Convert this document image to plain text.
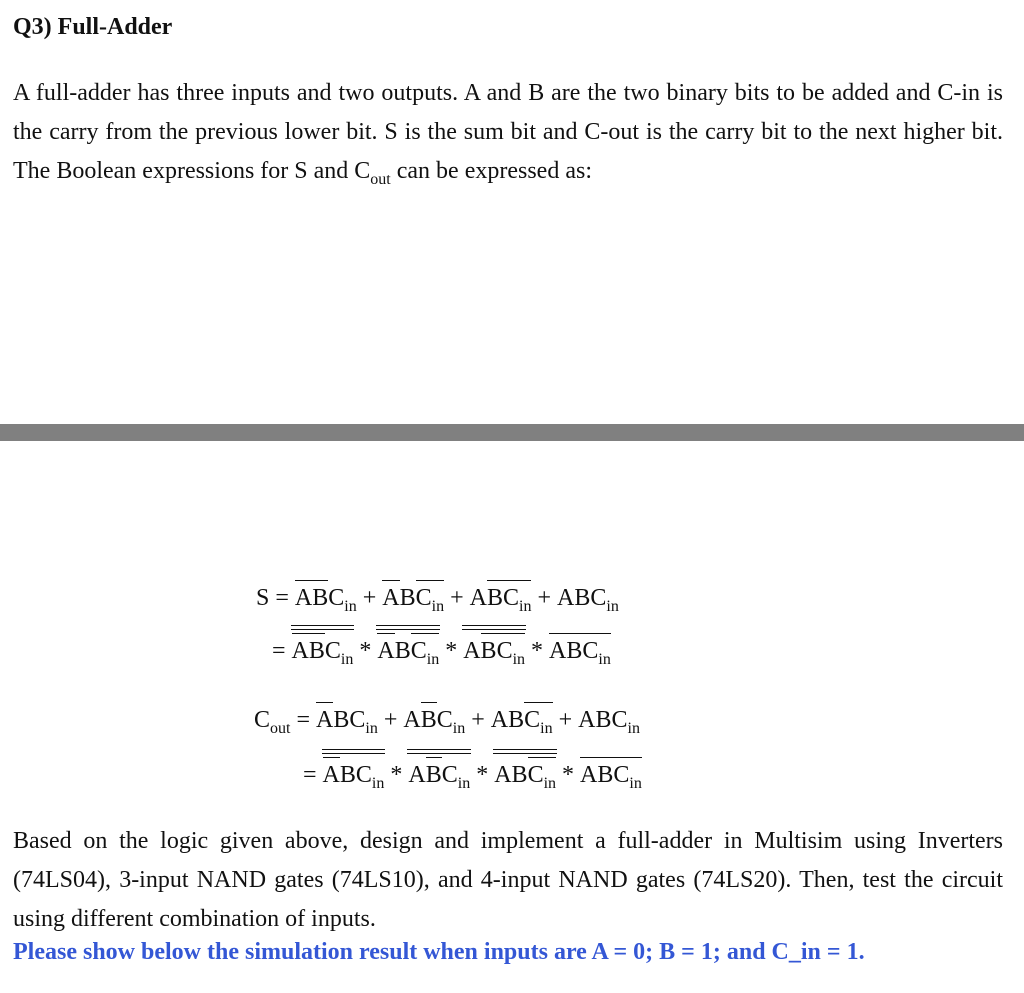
Q3) Full-Adder
A full-adder has three inputs and two outputs. A and B are the two binary bits to be added and C-in is the carry from the previous lower bit. S is the sum bit and C-out is the carry bit to the next higher bit. The Boolean expressions for S and $C_{out}$ can be expressed as:
$S = ABC_{in} + ABC_{in} + ABC_{in} + ABC_{in}$
= $ABC_{in} * ABC_{in} * ABC_{in} * ABC_{in}$
$C_{out} = ABC_{in} + ABC_{in} + ABC_{in} + ABC_{in}$
= $ABC_{in} * ABC_{in} * ABC_{in} * ABC_{in}$
Based on the logic given above, design and implement a full-adder in Multisim using Inverters (74LS04), 3-input NAND gates (74LS10), and 4-input NAND gates (74LS20). Then, test the circuit using different combination of inputs.
Please show below the simulation result when inputs are A = 0; B = 1; and C_in = 1.
